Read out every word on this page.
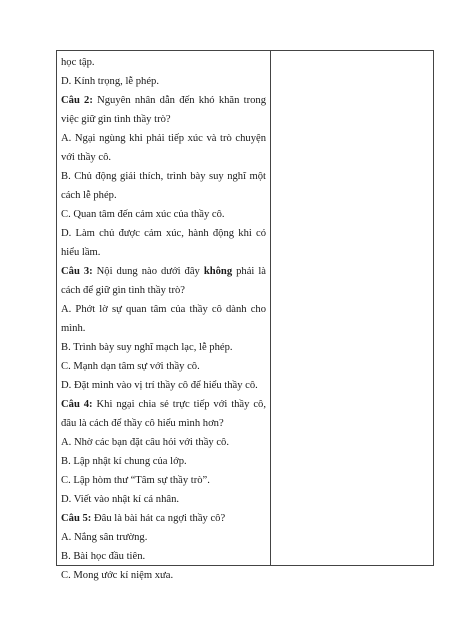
học tập.
D. Kính trọng, lễ phép.
Câu 2: Nguyên nhân dẫn đến khó khăn trong
việc giữ gìn tình thầy trò?
A. Ngại ngùng khi phải tiếp xúc và trò chuyện
với thầy cô.
B. Chủ động giải thích, trình bày suy nghĩ một
cách lễ phép.
C. Quan tâm đến cảm xúc của thầy cô.
D. Làm chủ được cảm xúc, hành động khi có
hiểu lầm.
Câu 3: Nội dung nào dưới đây không phải là
cách để giữ gìn tình thầy trò?
A. Phớt lờ sự quan tâm của thầy cô dành cho
mình.
B. Trình bày suy nghĩ mạch lạc, lễ phép.
C. Mạnh dạn tâm sự với thầy cô.
D. Đặt mình vào vị trí thầy cô để hiểu thầy cô.
Câu 4: Khi ngại chia sẻ trực tiếp với thầy cô,
đâu là cách để thầy cô hiểu mình hơn?
A. Nhờ các bạn đặt câu hỏi với thầy cô.
B. Lập nhật kí chung của lớp.
C. Lập hòm thư “Tâm sự thầy trò”.
D. Viết vào nhật kí cá nhân.
Câu 5: Đâu là bài hát ca ngợi thầy cô?
A. Nắng sân trường.
B. Bài học đầu tiên.
C. Mong ước kỉ niệm xưa.
